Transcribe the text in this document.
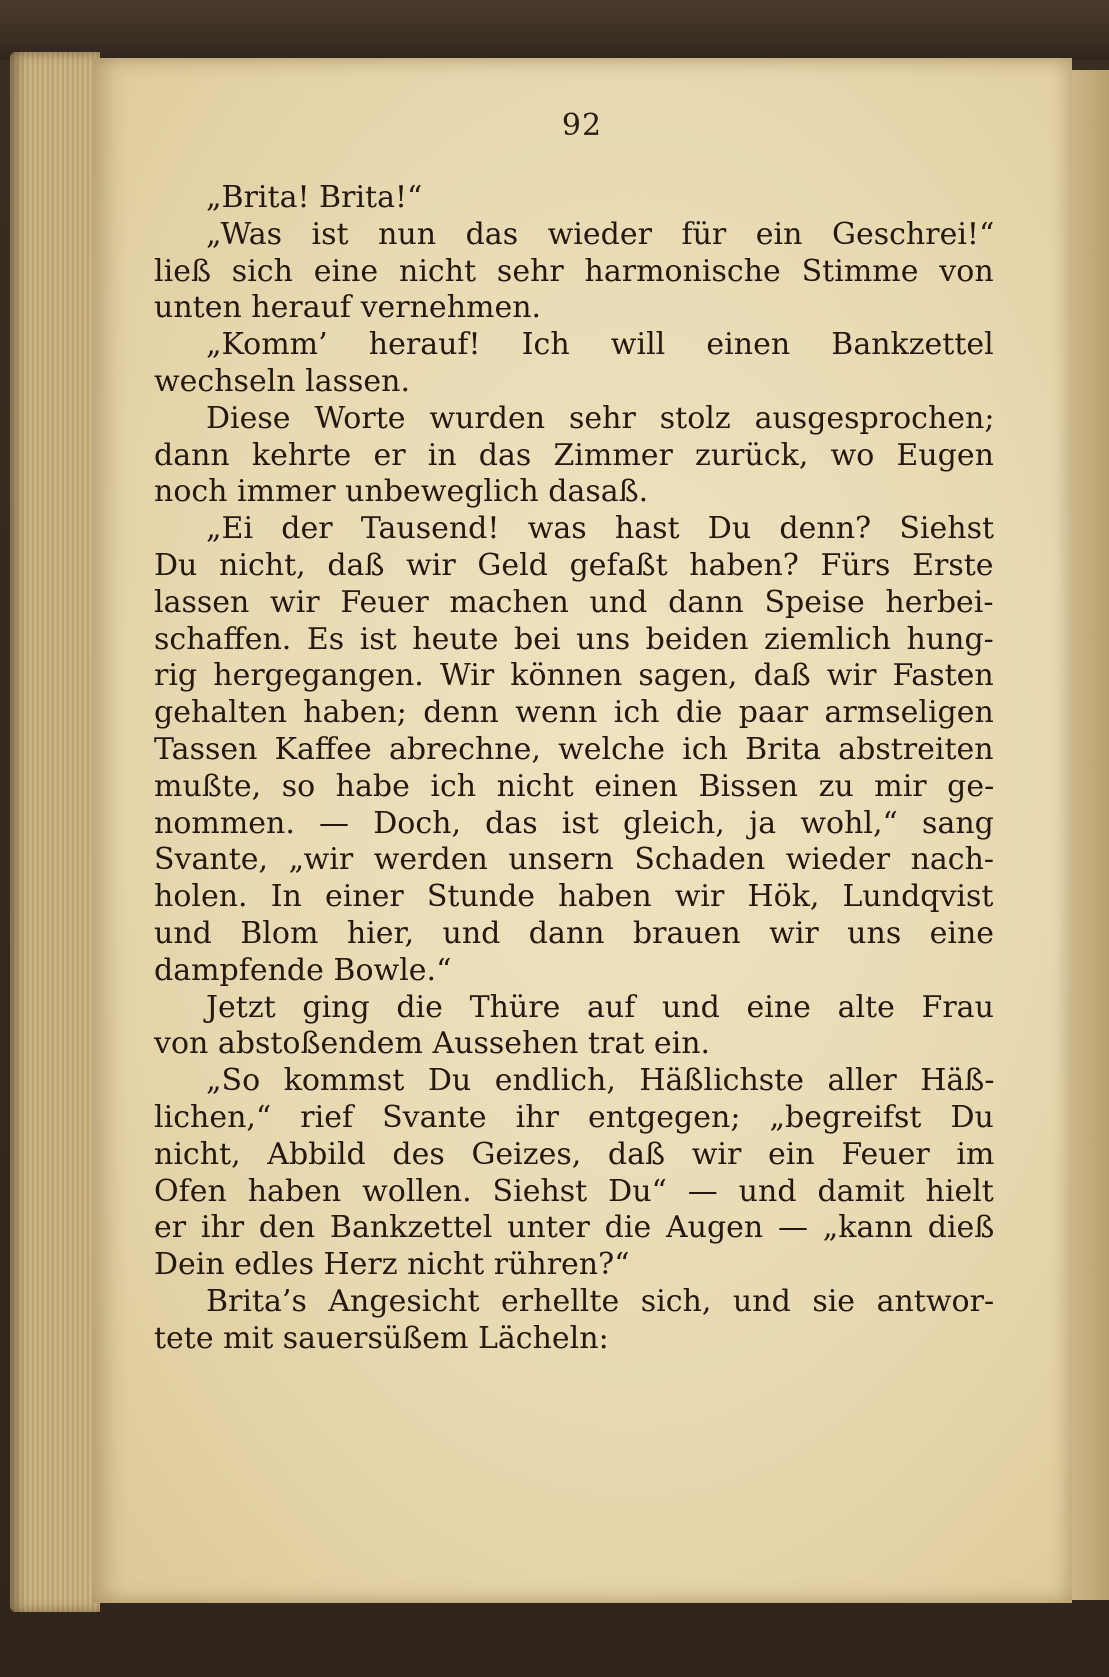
92
„Brita! Brita!“
„Was ist nun das wieder für ein Geschrei!“
ließ sich eine nicht sehr harmonische Stimme von
unten herauf vernehmen.
„Komm’ herauf! Ich will einen Bankzettel
wechseln lassen.
Diese Worte wurden sehr stolz ausgesprochen;
dann kehrte er in das Zimmer zurück, wo Eugen
noch immer unbeweglich dasaß.
„Ei der Tausend! was hast Du denn? Siehst
Du nicht, daß wir Geld gefaßt haben? Fürs Erste
lassen wir Feuer machen und dann Speise herbei-
schaffen. Es ist heute bei uns beiden ziemlich hung-
rig hergegangen. Wir können sagen, daß wir Fasten
gehalten haben; denn wenn ich die paar armseligen
Tassen Kaffee abrechne, welche ich Brita abstreiten
mußte, so habe ich nicht einen Bissen zu mir ge-
nommen. — Doch, das ist gleich, ja wohl,“ sang
Svante, „wir werden unsern Schaden wieder nach-
holen. In einer Stunde haben wir Hök, Lundqvist
und Blom hier, und dann brauen wir uns eine
dampfende Bowle.“
Jetzt ging die Thüre auf und eine alte Frau
von abstoßendem Aussehen trat ein.
„So kommst Du endlich, Häßlichste aller Häß-
lichen,“ rief Svante ihr entgegen; „begreifst Du
nicht, Abbild des Geizes, daß wir ein Feuer im
Ofen haben wollen. Siehst Du“ — und damit hielt
er ihr den Bankzettel unter die Augen — „kann dieß
Dein edles Herz nicht rühren?“
Brita’s Angesicht erhellte sich, und sie antwor-
tete mit sauersüßem Lächeln:
